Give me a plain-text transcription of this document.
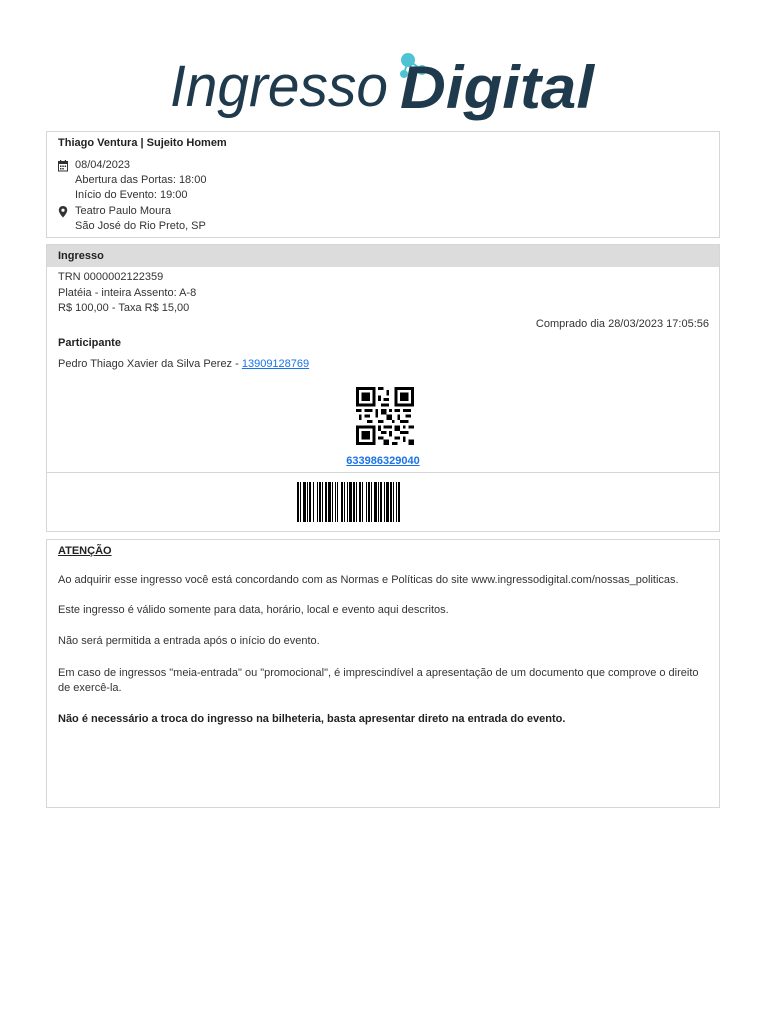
Ingresso Digital
Thiago Ventura | Sujeito Homem
08/04/2023
Abertura das Portas: 18:00
Início do Evento: 19:00
Teatro Paulo Moura
São José do Rio Preto, SP
Ingresso
TRN 0000002122359
Platéia - inteira Assento: A-8
R$ 100,00 - Taxa R$ 15,00
Comprado dia 28/03/2023 17:05:56
Participante
Pedro Thiago Xavier da Silva Perez - 13909128769
633986329040
ATENÇÃO

Ao adquirir esse ingresso você está concordando com as Normas e Políticas do site www.ingressodigital.com/nossas_politicas.

Este ingresso é válido somente para data, horário, local e evento aqui descritos.

Não será permitida a entrada após o início do evento.

Em caso de ingressos "meia-entrada" ou "promocional", é imprescindível a apresentação de um documento que comprove o direito de exercê-la.

Não é necessário a troca do ingresso na bilheteria, basta apresentar direto na entrada do evento.
